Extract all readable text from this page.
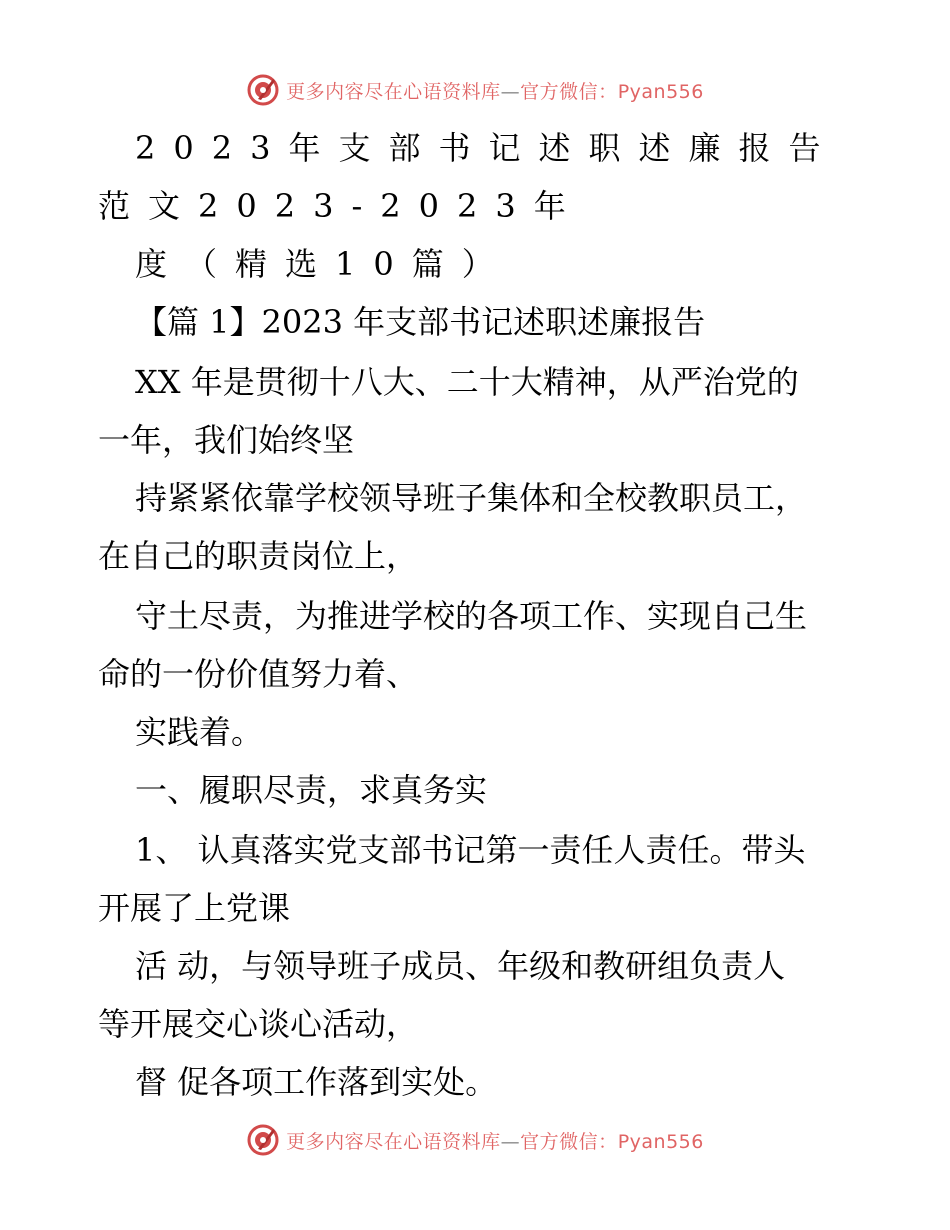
更多内容尽在心语资料库—官方微信：Pyan556
2023年支部书记述职述廉报告
范文2023-2023年
度（精选10篇）
【篇 1】2023 年支部书记述职述廉报告
XX 年是贯彻十八大、二十大精神，从严治党的
一年，我们始终坚
持紧紧依靠学校领导班子集体和全校教职员工，
在自己的职责岗位上，
守土尽责，为推进学校的各项工作、实现自己生
命的一份价值努力着、
实践着。
一、履职尽责，求真务实
1、 认真落实党支部书记第一责任人责任。带头
开展了上党课
活 动，与领导班子成员、年级和教研组负责人
等开展交心谈心活动，
督 促各项工作落到实处。
更多内容尽在心语资料库—官方微信：Pyan556
